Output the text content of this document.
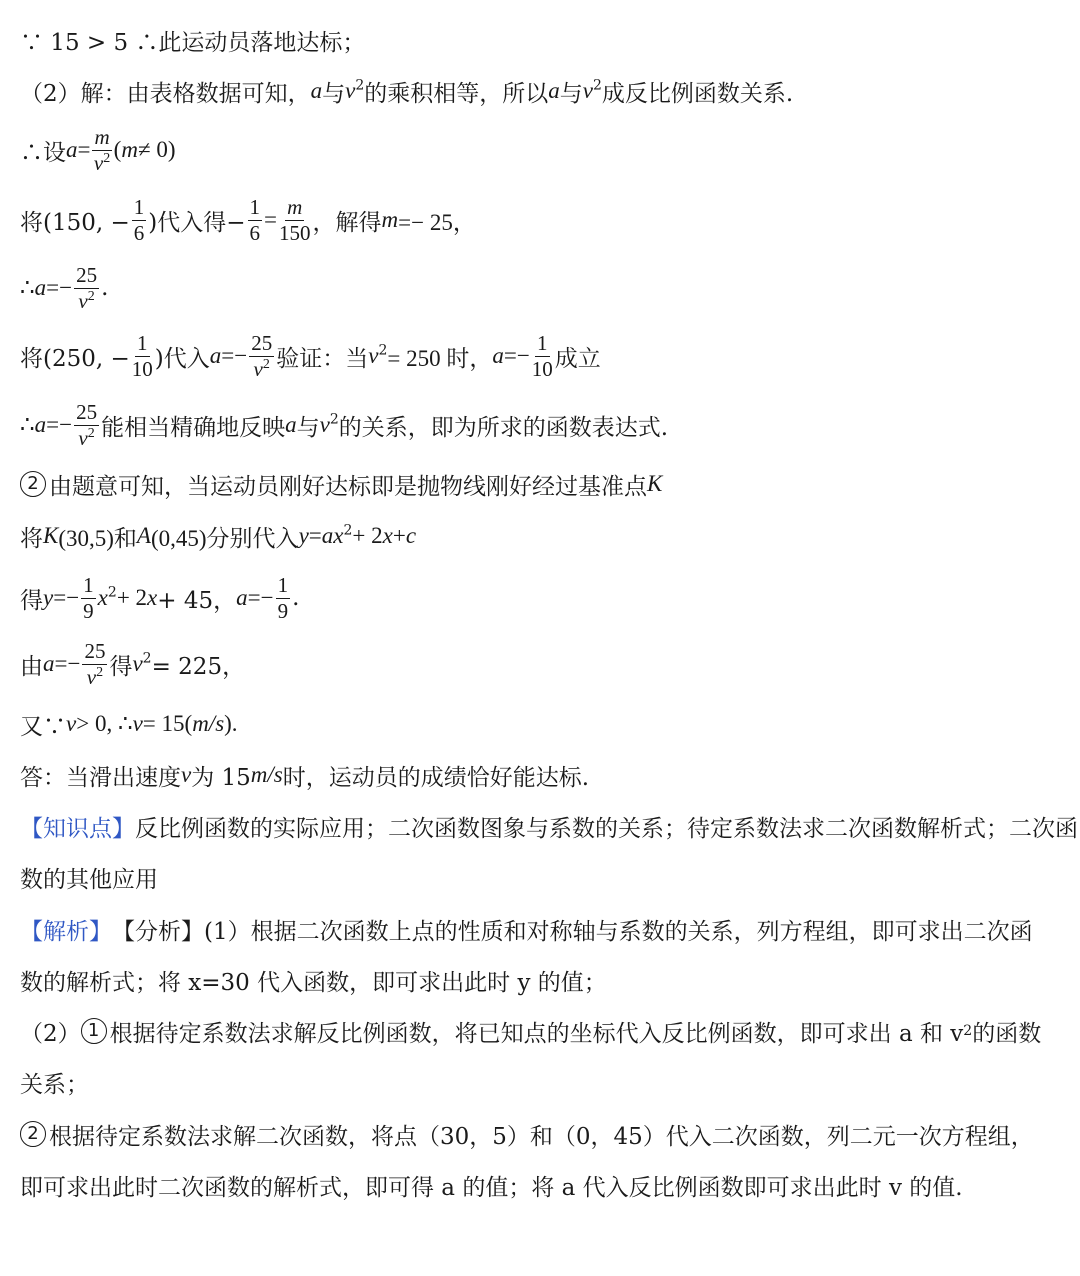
∵ 15 > 5 ∴此运动员落地达标；
（2）解：由表格数据可知， a 与 $v^2$ 的乘积相等，所以 a 与 $v^2$ 成反比例函数关系.
∴设 $a = \frac{m}{v^2}$ ( m ≠ 0)
将(150, − $\frac{1}{6}$ )代入得− $\frac{1}{6} = \frac{m}{150}$ ，解得 m =− 25，
∴ $a =- \frac{25}{v^2}$ .
将(250, − $\frac{1}{10}$ )代入 $a =- \frac{25}{v^2}$ 验证：当 $v^2 = 250$ 时， $a =- \frac{1}{10}$ 成立
∴ $a =- \frac{25}{v^2}$ 能相当精确地反映 a 与 $v^2$ 的关系，即为所求的函数表达式.
2 由题意可知，当运动员刚好达标即是抛物线刚好经过基准点 K
将 K (30,5)和 A (0,45)分别代入 $y = ax^2 + 2$ x + c
得 $y =- \frac{1}{9} x^2 + 2$ x + 45， $a =- \frac{1}{9}$ .
由 $a =- \frac{25}{v^2}$ 得 $v^2 = 225$，
又∵ v > 0, ∴ v = 15( m/s ).
答：当滑出速度 v 为 15 m/s 时，运动员的成绩恰好能达标.
【知识点】 反比例函数的实际应用；二次函数图象与系数的关系；待定系数法求二次函数解析式；二次函
数的其他应用
【解析】 【分析】(1）根据二次函数上点的性质和对称轴与系数的关系，列方程组，即可求出二次函
数的解析式；将 x=30 代入函数，即可求出此时 y 的值；
（2） 1 根据待定系数法求解反比例函数，将已知点的坐标代入反比例函数，即可求出 a 和 v 2 的函数
关系；
2 根据待定系数法求解二次函数，将点（30，5）和（0，45）代入二次函数，列二元一次方程组，
即可求出此时二次函数的解析式，即可得 a 的值；将 a 代入反比例函数即可求出此时 v 的值.
